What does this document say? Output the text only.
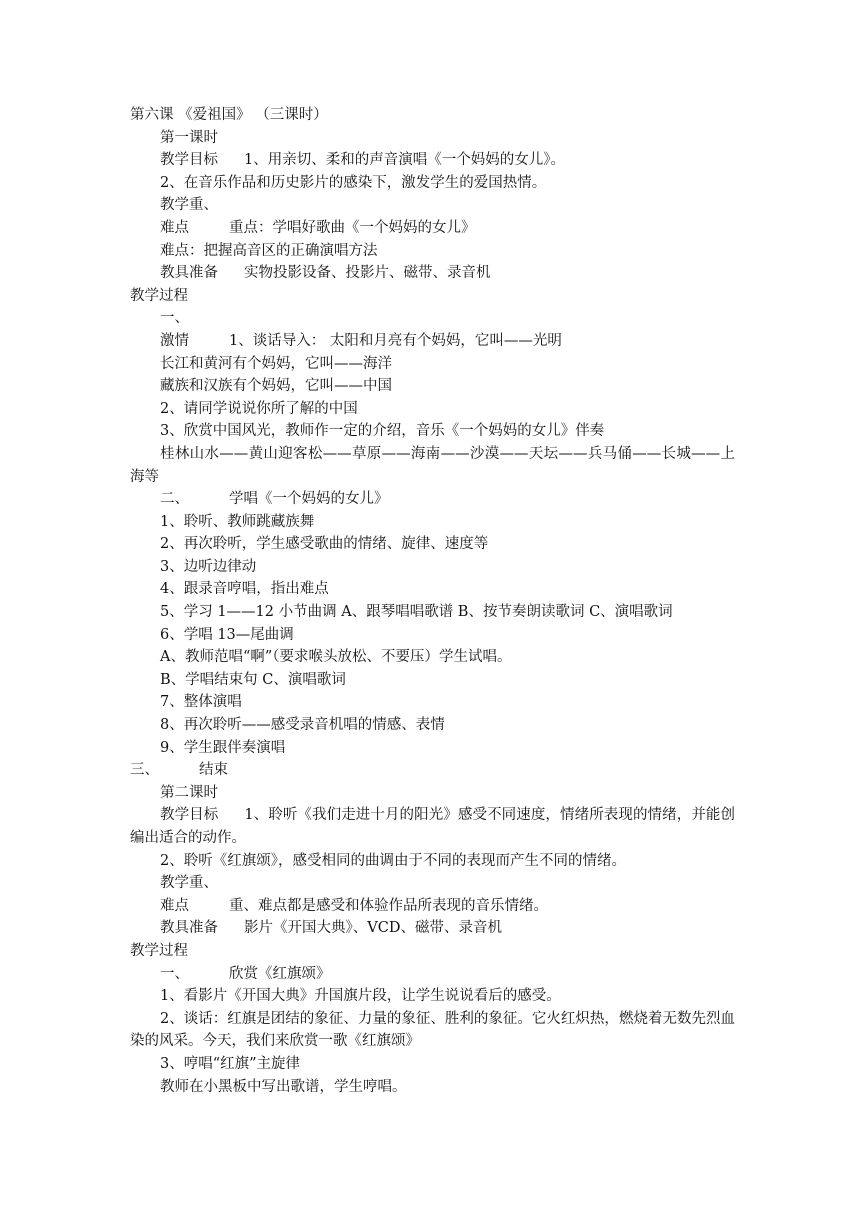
第六课 《爱祖国》 （三课时）
第一课时
教学目标 1、用亲切、柔和的声音演唱《一个妈妈的女儿》。
2、在音乐作品和历史影片的感染下，激发学生的爱国热情。
教学重、
难点	重点：学唱好歌曲《一个妈妈的女儿》
难点：把握高音区的正确演唱方法
教具准备 实物投影设备、投影片、磁带、录音机
教学过程
一、
激情	1、谈话导入： 太阳和月亮有个妈妈，它叫——光明
长江和黄河有个妈妈，它叫——海洋
藏族和汉族有个妈妈，它叫——中国
2、请同学说说你所了解的中国
3、欣赏中国风光，教师作一定的介绍，音乐《一个妈妈的女儿》伴奏
桂林山水——黄山迎客松——草原——海南——沙漠——天坛——兵马俑——长城——上海等
二、	学唱《一个妈妈的女儿》
1、聆听、教师跳藏族舞
2、再次聆听，学生感受歌曲的情绪、旋律、速度等
3、边听边律动
4、跟录音哼唱，指出难点
5、学习 1——12 小节曲调 A、跟琴唱唱歌谱 B、按节奏朗读歌词 C、演唱歌词
6、学唱 13—尾曲调
A、教师范唱“啊”（要求喉头放松、不要压）学生试唱。
B、学唱结束句 C、演唱歌词
7、整体演唱
8、再次聆听——感受录音机唱的情感、表情
9、学生跟伴奏演唱
三、	结束
第二课时
教学目标 1、聆听《我们走进十月的阳光》感受不同速度，情绪所表现的情绪，并能创编出适合的动作。
2、聆听《红旗颂》，感受相同的曲调由于不同的表现而产生不同的情绪。
教学重、
难点	重、难点都是感受和体验作品所表现的音乐情绪。
教具准备 影片《开国大典》、VCD、磁带、录音机
教学过程
一、	欣赏《红旗颂》
1、看影片《开国大典》升国旗片段，让学生说说看后的感受。
2、谈话：红旗是团结的象征、力量的象征、胜利的象征。它火红炽热，燃烧着无数先烈血染的风采。今天，我们来欣赏一歌《红旗颂》
3、哼唱“红旗”主旋律
教师在小黑板中写出歌谱，学生哼唱。
